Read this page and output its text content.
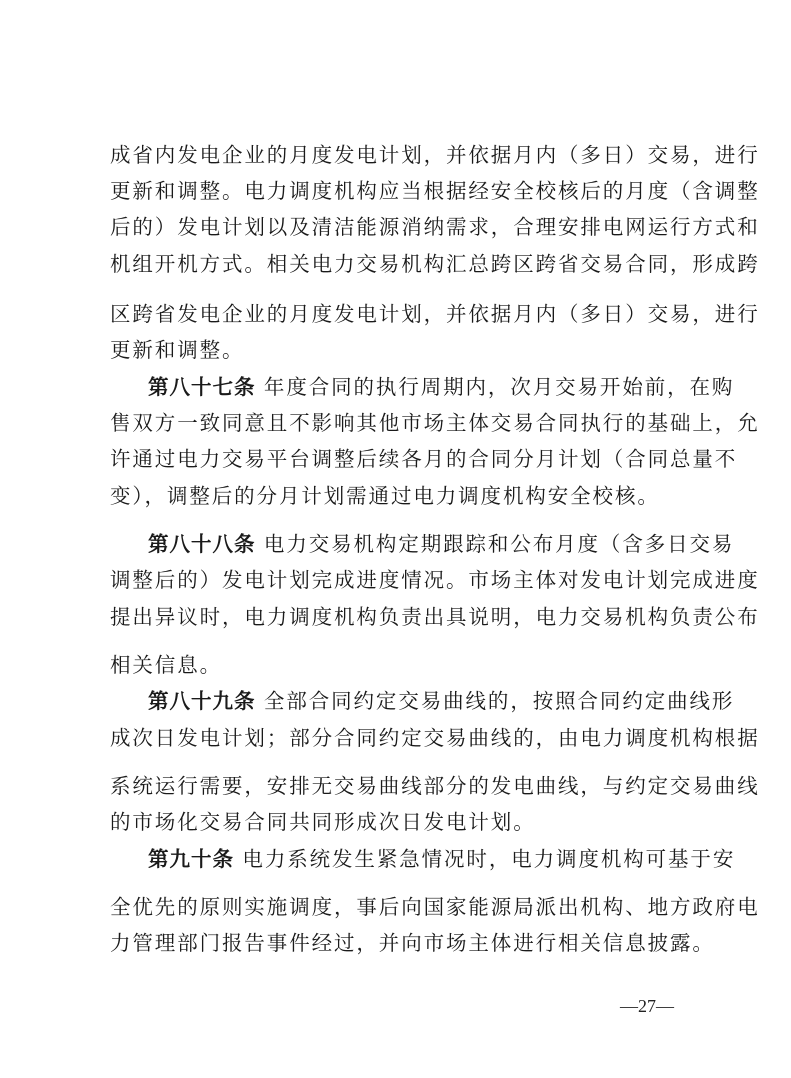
成省内发电企业的月度发电计划，并依据月内（多日）交易，进行
更新和调整。电力调度机构应当根据经安全校核后的月度（含调整
后的）发电计划以及清洁能源消纳需求，合理安排电网运行方式和
机组开机方式。相关电力交易机构汇总跨区跨省交易合同，形成跨
区跨省发电企业的月度发电计划，并依据月内（多日）交易，进行
更新和调整。
第八十七条 年度合同的执行周期内，次月交易开始前，在购
售双方一致同意且不影响其他市场主体交易合同执行的基础上，允
许通过电力交易平台调整后续各月的合同分月计划（合同总量不
变），调整后的分月计划需通过电力调度机构安全校核。
第八十八条 电力交易机构定期跟踪和公布月度（含多日交易
调整后的）发电计划完成进度情况。市场主体对发电计划完成进度
提出异议时，电力调度机构负责出具说明，电力交易机构负责公布
相关信息。
第八十九条 全部合同约定交易曲线的，按照合同约定曲线形
成次日发电计划；部分合同约定交易曲线的，由电力调度机构根据
系统运行需要，安排无交易曲线部分的发电曲线，与约定交易曲线
的市场化交易合同共同形成次日发电计划。
第九十条 电力系统发生紧急情况时，电力调度机构可基于安
全优先的原则实施调度，事后向国家能源局派出机构、地方政府电
力管理部门报告事件经过，并向市场主体进行相关信息披露。
—27—
